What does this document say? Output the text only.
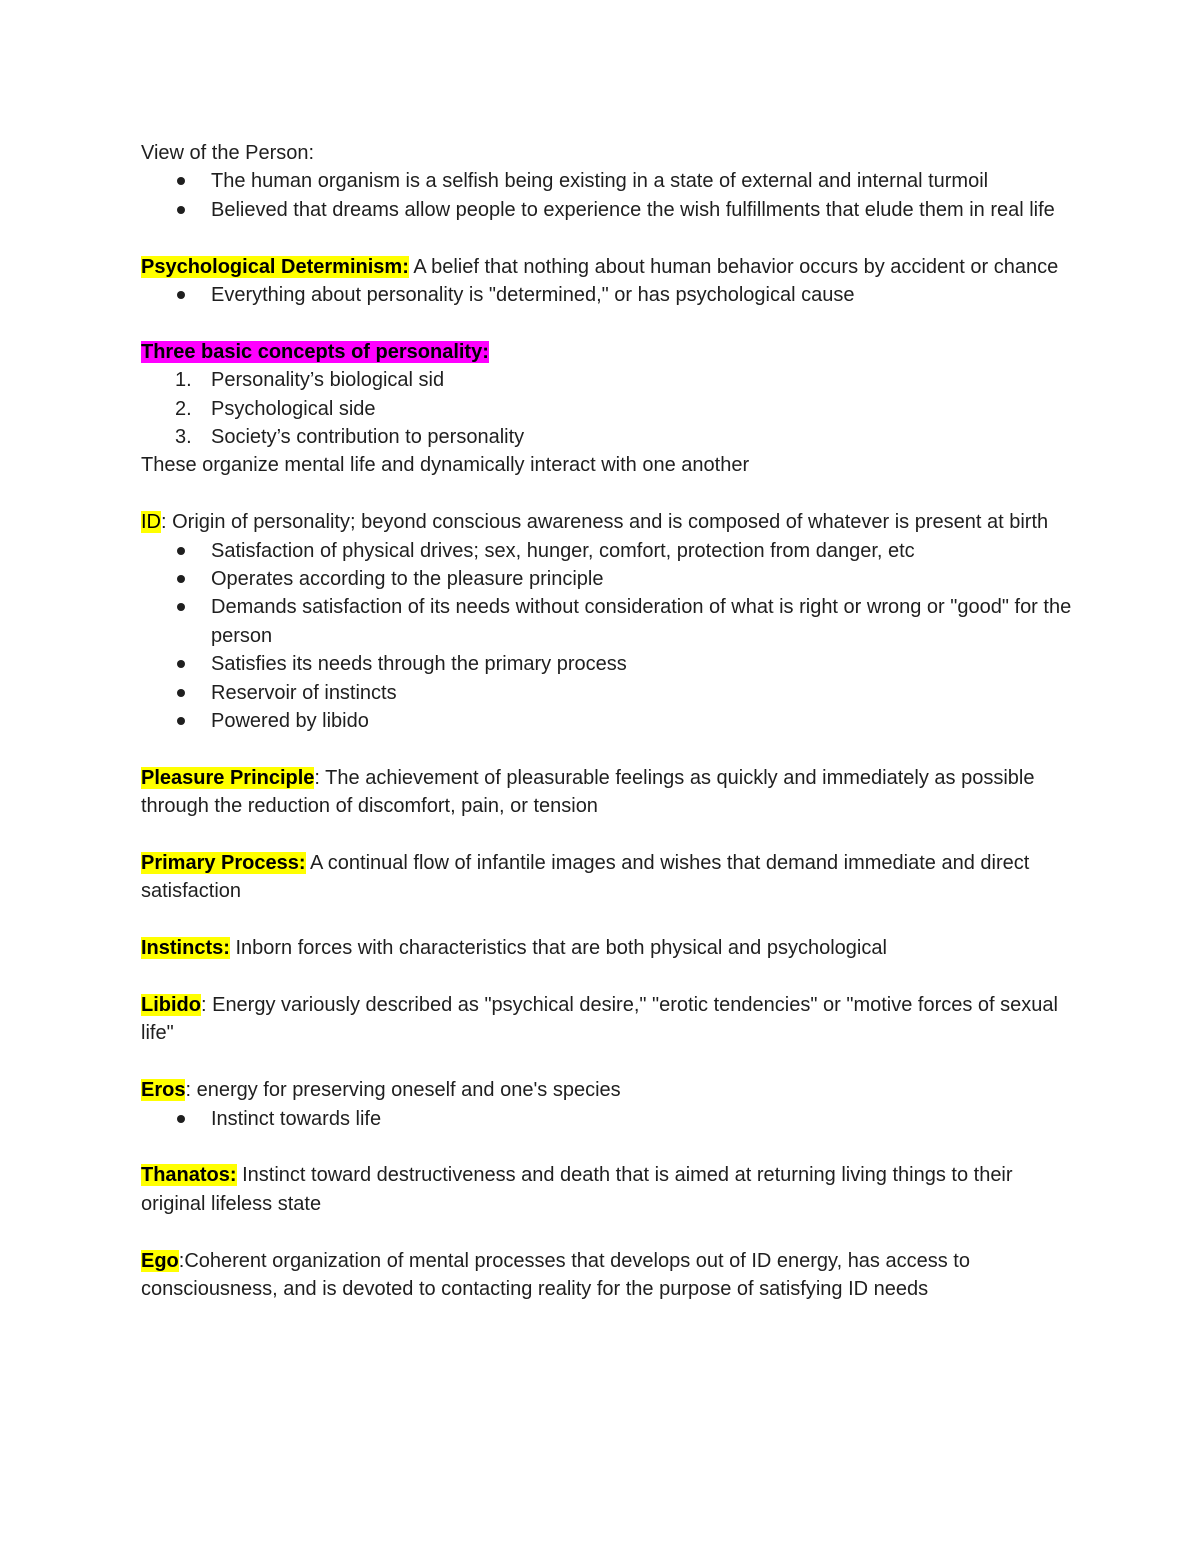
View of the Person:

The human organism is a selfish being existing in a state of external and internal turmoil
Believed that dreams allow people to experience the wish fulfillments that elude them in real life

Psychological Determinism: A belief that nothing about human behavior occurs by accident or chance

Everything about personality is "determined," or has psychological cause

Three basic concepts of personality:

1. Personality’s biological sid
2. Psychological side
3. Society’s contribution to personality

These organize mental life and dynamically interact with one another

ID: Origin of personality; beyond conscious awareness and is composed of whatever is present at birth

Satisfaction of physical drives; sex, hunger, comfort, protection from danger, etc
Operates according to the pleasure principle
Demands satisfaction of its needs without consideration of what is right or wrong or "good" for the person
Satisfies its needs through the primary process
Reservoir of instincts
Powered by libido

Pleasure Principle: The achievement of pleasurable feelings as quickly and immediately as possible through the reduction of discomfort, pain, or tension

Primary Process: A continual flow of infantile images and wishes that demand immediate and direct satisfaction

Instincts: Inborn forces with characteristics that are both physical and psychological

Libido: Energy variously described as "psychical desire," "erotic tendencies" or "motive forces of sexual life"

Eros: energy for preserving oneself and one's species

Instinct towards life

Thanatos: Instinct toward destructiveness and death that is aimed at returning living things to their original lifeless state

Ego:Coherent organization of mental processes that develops out of ID energy, has access to consciousness, and is devoted to contacting reality for the purpose of satisfying ID needs
